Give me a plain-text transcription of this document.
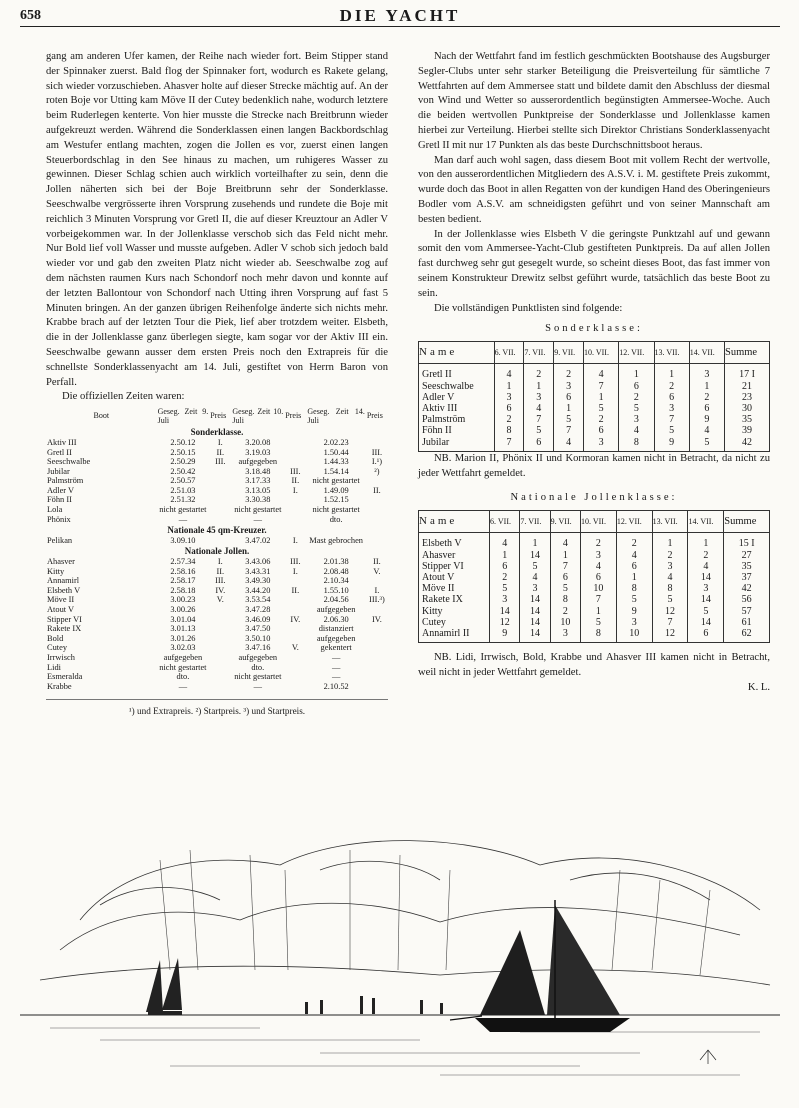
658	DIE YACHT

gang am anderen Ufer kamen, der Reihe nach wieder fort. Beim Stipper stand der Spinnaker zuerst. Bald flog der Spinnaker fort, wodurch es Rakete gelang, sich wieder vorzuschieben. Ahasver holte auf dieser Strecke mächtig auf. An der roten Boje vor Utting kam Möve II der Cutey bedenklich nahe, wodurch letztere beim Ruderlegen kenterte. Von hier musste die Strecke nach Breitbrunn wieder aufgekreuzt werden. Während die Sonderklassen einen langen Backbordschlag am Westufer entlang machten, zogen die Jollen es vor, zuerst einen langen Steuerbordschlag in den See hinaus zu machen, um ruhigeres Wasser zu gewinnen. Dieser Schlag schien auch wirklich vorteilhafter zu sein, denn die Jollen näherten sich bei der Boje Breitbrunn sehr der Sonderklasse. Seeschwalbe vergrösserte ihren Vorsprung zusehends und rundete die Boje mit reichlich 3 Minuten Vorsprung vor Gretl II, die auf dieser Kreuztour an Adler V vorbeigekommen war. In der Jollenklasse verschob sich das Feld nicht mehr. Nur Bold lief voll Wasser und musste aufgeben. Adler V schob sich jedoch bald wieder vor und gab den zweiten Platz nicht wieder ab. Seeschwalbe zog auf dem nächsten raumen Kurs nach Schondorf noch mehr davon und konnte auf der letzten Ballontour von Schondorf nach Utting ihren Vorsprung auf fast 5 Minuten bringen. An der ganzen übrigen Reihenfolge änderte sich nichts mehr. Krabbe brach auf der letzten Tour die Piek, lief aber trotzdem weiter. Elsbeth, die in der Jollenklasse ganz überlegen siegte, kam sogar vor der Aktiv III ein. Seeschwalbe gewann ausser dem ersten Preis noch den Extrapreis für die schnellste Sonderklassenyacht am 14. Juli, gestiftet von Herrn Baron von Perfall.

Die offiziellen Zeiten waren:

Boot	Geseg. Zeit 9. Juli	Preis	Geseg. Zeit 10. Juli	Preis	Geseg. Zeit 14. Juli	Preis
Sonderklasse.						
Aktiv III	2.50.12	I.	3.20.08		2.02.23	
Gretl II	2.50.15	II.	3.19.03		1.50.44	III.
Seeschwalbe	2.50.29	III.	aufgegeben		1.44.33	I.¹)
Jubilar	2.50.42		3.18.48	III.	1.54.14	²)
Palmström	2.50.57		3.17.33	II.	nicht gestartet	
Adler V	2.51.03		3.13.05	I.	1.49.09	II.
Föhn II	2.51.32		3.30.38		1.52.15	
Lola	nicht gestartet		nicht gestartet		nicht gestartet	
Phönix	—		—		dto.	
Nationale 45 qm-Kreuzer.						
Pelikan	3.09.10		3.47.02	I.	Mast gebrochen	
Nationale Jollen.						
Ahasver	2.57.34	I.	3.43.06	III.	2.01.38	II.
Kitty	2.58.16	II.	3.43.31	I.	2.08.48	V.
Annamirl	2.58.17	III.	3.49.30		2.10.34	
Elsbeth V	2.58.18	IV.	3.44.20	II.	1.55.10	I.
Möve II	3.00.23	V.	3.53.54		2.04.56	III.³)
Atout V	3.00.26		3.47.28		aufgegeben	
Stipper VI	3.01.04		3.46.09	IV.	2.06.30	IV.
Rakete IX	3.01.13		3.47.50		distanziert	
Bold	3.01.26		3.50.10		aufgegeben	
Cutey	3.02.03		3.47.16	V.	gekentert	
Irrwisch	aufgegeben		aufgegeben		—	
Lidi	nicht gestartet		dto.		—	
Esmeralda	dto.		nicht gestartet		—	
Krabbe	—		—		2.10.52	
¹) und Extrapreis. ²) Startpreis. ³) und Startpreis.

Nach der Wettfahrt fand im festlich geschmückten Bootshause des Augsburger Segler-Clubs unter sehr starker Beteiligung die Preisverteilung für sämtliche 7 Wettfahrten auf dem Ammersee statt und bildete damit den Abschluss der diesmal von Wind und Wetter so ausserordentlich begünstigten Ammersee-Woche. Auch die beiden wertvollen Punktpreise der Sonderklasse und Jollenklasse kamen hierbei zur Verteilung. Hierbei stellte sich Direktor Christians Sonderklassenyacht Gretl II mit nur 17 Punkten als das beste Durchschnittsboot heraus.

Man darf auch wohl sagen, dass diesem Boot mit vollem Recht der wertvolle, von den ausserordentlichen Mitgliedern des A.S.V. i. M. gestiftete Preis zukommt, wurde doch das Boot in allen Regatten von der kundigen Hand des Oberingenieurs Bodler vom A.S.V. am schneidigsten geführt und von seiner Mannschaft am besten bedient.

In der Jollenklasse wies Elsbeth V die geringste Punktzahl auf und gewann somit den vom Ammersee-Yacht-Club gestifteten Punktpreis. Da auf allen Jollen fast durchweg sehr gut gesegelt wurde, so scheint dieses Boot, das fast immer von seinem Konstrukteur Drewitz selbst geführt wurde, tatsächlich das beste Boot zu sein.

Die vollständigen Punktlisten sind folgende:

Sonderklasse:
Name	6. VII.	7. VII.	9. VII.	10. VII.	12. VII.	13. VII.	14. VII.	Summe
Gretl II	4	2	2	4	1	1	3	17 I
Seeschwalbe	1	1	3	7	6	2	1	21
Adler V	3	3	6	1	2	6	2	23
Aktiv III	6	4	1	5	5	3	6	30
Palmström	2	7	5	2	3	7	9	35
Föhn II	8	5	7	6	4	5	4	39
Jubilar	7	6	4	3	8	9	5	42

NB. Marion II, Phönix II und Kormoran kamen nicht in Betracht, da nicht zu jeder Wettfahrt gemeldet.

Nationale Jollenklasse:
Name	6. VII.	7. VII.	9. VII.	10. VII.	12. VII.	13. VII.	14. VII.	Summe
Elsbeth V	4	1	4	2	2	1	1	15 I
Ahasver	1	14	1	3	4	2	2	27
Stipper VI	6	5	7	4	6	3	4	35
Atout V	2	4	6	6	1	4	14	37
Möve II	5	3	5	10	8	8	3	42
Rakete IX	3	14	8	7	5	5	14	56
Kitty	14	14	2	1	9	12	5	57
Cutey	12	14	10	5	3	7	14	61
Annamirl II	9	14	3	8	10	12	6	62

NB. Lidi, Irrwisch, Bold, Krabbe und Ahasver III kamen nicht in Betracht, weil nicht in jeder Wettfahrt gemeldet.

K. L.
